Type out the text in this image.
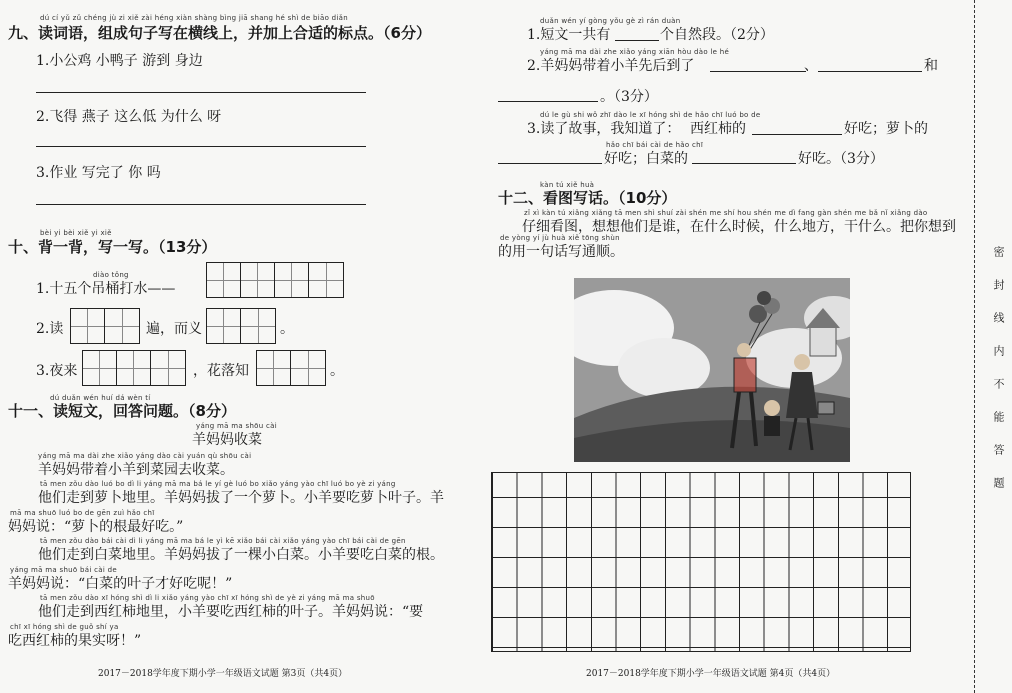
dú cí yǔ zǔ chéng jù zi xiě zài héng xiàn shàng bìng jiā shang hé shì de biāo diǎn
九、读词语，组成句子写在横线上，并加上合适的标点。（6分）
1.小公鸡 小鸭子 游到 身边
2.飞得 燕子 这么低 为什么 呀
3.作业 写完了 你 吗
bèi yi bèi xiě yi xiě
十、背一背，写一写。（13分）
diào tǒng
1.十五个吊桶打水——
2.读	遍，而义	。
3.夜来	，花落知	。
dú duǎn wén huí dá wèn tí
十一、读短文，回答问题。（8分）
yáng mā ma shōu cài
羊妈妈收菜
yáng mā ma dài zhe xiǎo yáng dào cài yuán qù shōu cài
羊妈妈带着小羊到菜园去收菜。
tā men zǒu dào luó bo dì li yáng mā ma bá le yí gè luó bo xiǎo yáng yào chī luó bo yè zi yáng
他们走到萝卜地里。羊妈妈拔了一个萝卜。小羊要吃萝卜叶子。羊
mā ma shuō luó bo de gēn zuì hǎo chī
妈妈说：“萝卜的根最好吃。”
tā men zǒu dào bái cài dì li yáng mā ma bá le yì kē xiǎo bái cài xiǎo yáng yào chī bái cài de gēn
他们走到白菜地里。羊妈妈拔了一棵小白菜。小羊要吃白菜的根。
yáng mā ma shuō bái cài de
羊妈妈说：“白菜的叶子才好吃呢！”
tā men zǒu dào xī hóng shì dì li xiǎo yáng yào chī xī hóng shì de yè zi yáng mā ma shuō
他们走到西红柿地里，小羊要吃西红柿的叶子。羊妈妈说：“要
chī xī hóng shì de guǒ shí ya
吃西红柿的果实呀！”
2017－2018学年度下期小学一年级语文试题 第3页（共4页）
duǎn wén yí gòng yǒu gè zì rán duàn
1.短文一共有	个自然段。（2分）
yáng mā ma dài zhe xiǎo yáng xiān hòu dào le hé
2.羊妈妈带着小羊先后到了	、	和
。（3分）
dú le gù shi wǒ zhī dào le xī hóng shì de hǎo chī luó bo de
3.读了故事，我知道了： 西红柿的	好吃；萝卜的
hǎo chī bái cài de hǎo chī
好吃；白菜的	好吃。（3分）
kàn tú xiě huà
十二、看图写话。（10分）
zǐ xì kàn tú xiǎng xiǎng tā men shì shuí zài shén me shí hou shén me dì fang gàn shén me bǎ nǐ xiǎng dào
仔细看图，想想他们是谁，在什么时候，什么地方，干什么。把你想到
de yòng yí jù huà xiě tōng shùn
的用一句话写通顺。
2017－2018学年度下期小学一年级语文试题 第4页（共4页）
密封线内不能答题
